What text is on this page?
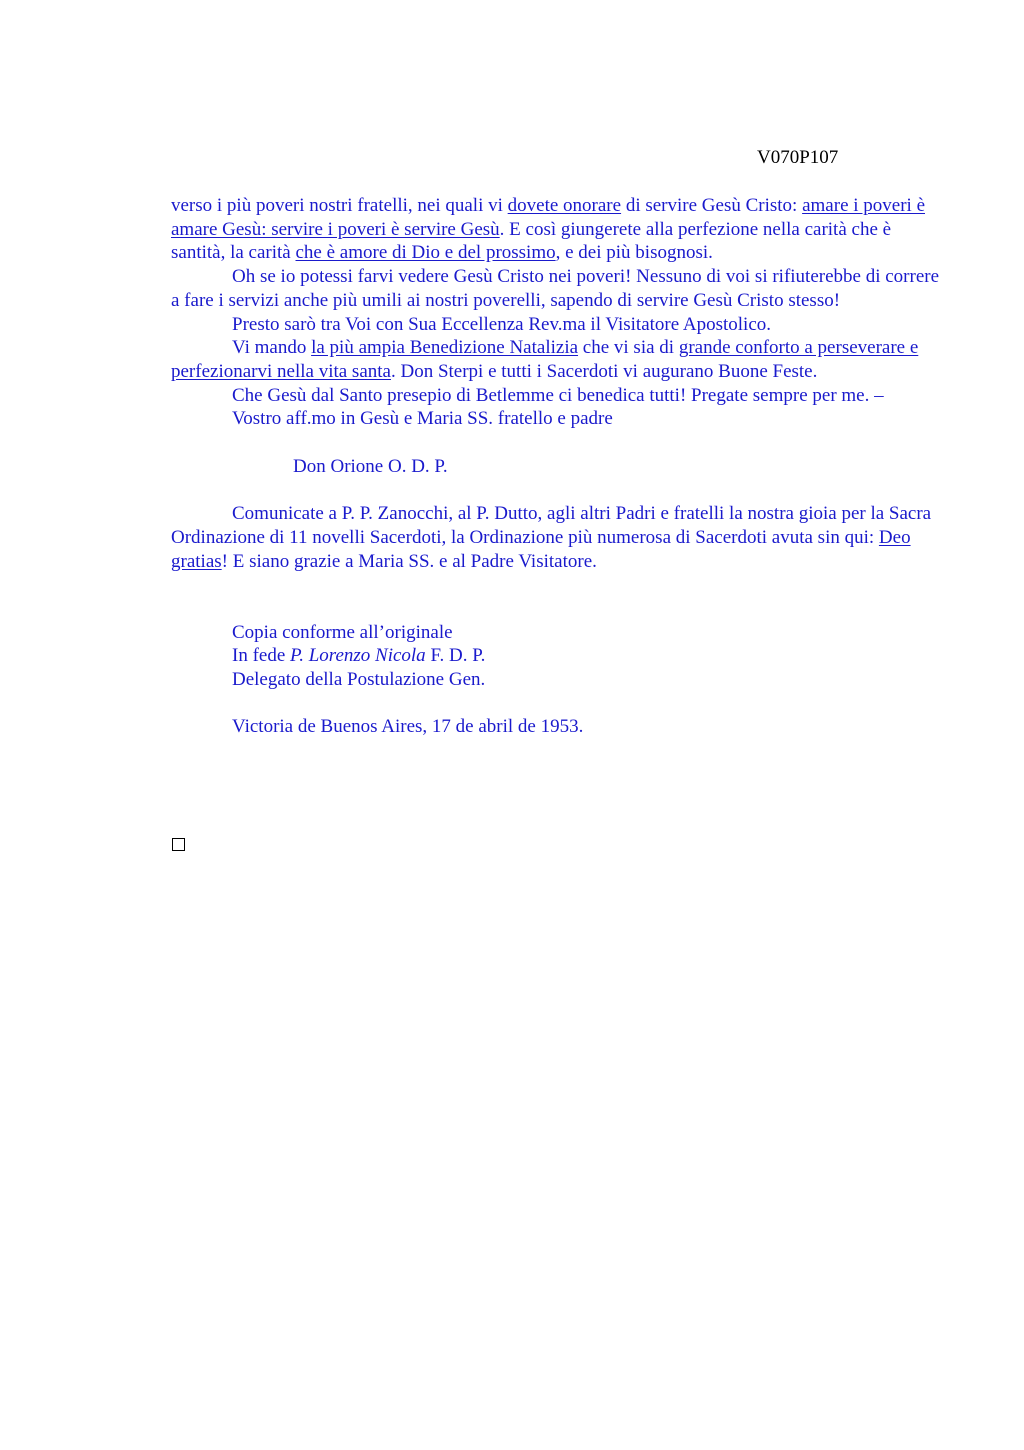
V070P107

verso i più poveri nostri fratelli, nei quali vi dovete onorare di servire Gesù Cristo: amare i poveri è amare Gesù: servire i poveri è servire Gesù. E così giungerete alla perfezione nella carità che è santità, la carità che è amore di Dio e del prossimo, e dei più bisognosi.

Oh se io potessi farvi vedere Gesù Cristo nei poveri! Nessuno di voi si rifiuterebbe di correre a fare i servizi anche più umili ai nostri poverelli, sapendo di servire Gesù Cristo stesso!

Presto sarò tra Voi con Sua Eccellenza Rev.ma il Visitatore Apostolico.

Vi mando la più ampia Benedizione Natalizia che vi sia di grande conforto a perseverare e perfezionarvi nella vita santa. Don Sterpi e tutti i Sacerdoti vi augurano Buone Feste.

Che Gesù dal Santo presepio di Betlemme ci benedica tutti! Pregate sempre per me. –

Vostro aff.mo in Gesù e Maria SS. fratello e padre

Don Orione O. D. P.

Comunicate a P. P. Zanocchi, al P. Dutto, agli altri Padri e fratelli la nostra gioia per la Sacra Ordinazione di 11 novelli Sacerdoti, la Ordinazione più numerosa di Sacerdoti avuta sin qui: Deo gratias! E siano grazie a Maria SS. e al Padre Visitatore.

Copia conforme all’originale

In fede P. Lorenzo Nicola F. D. P.

Delegato della Postulazione Gen.

Victoria de Buenos Aires, 17 de abril de 1953.
